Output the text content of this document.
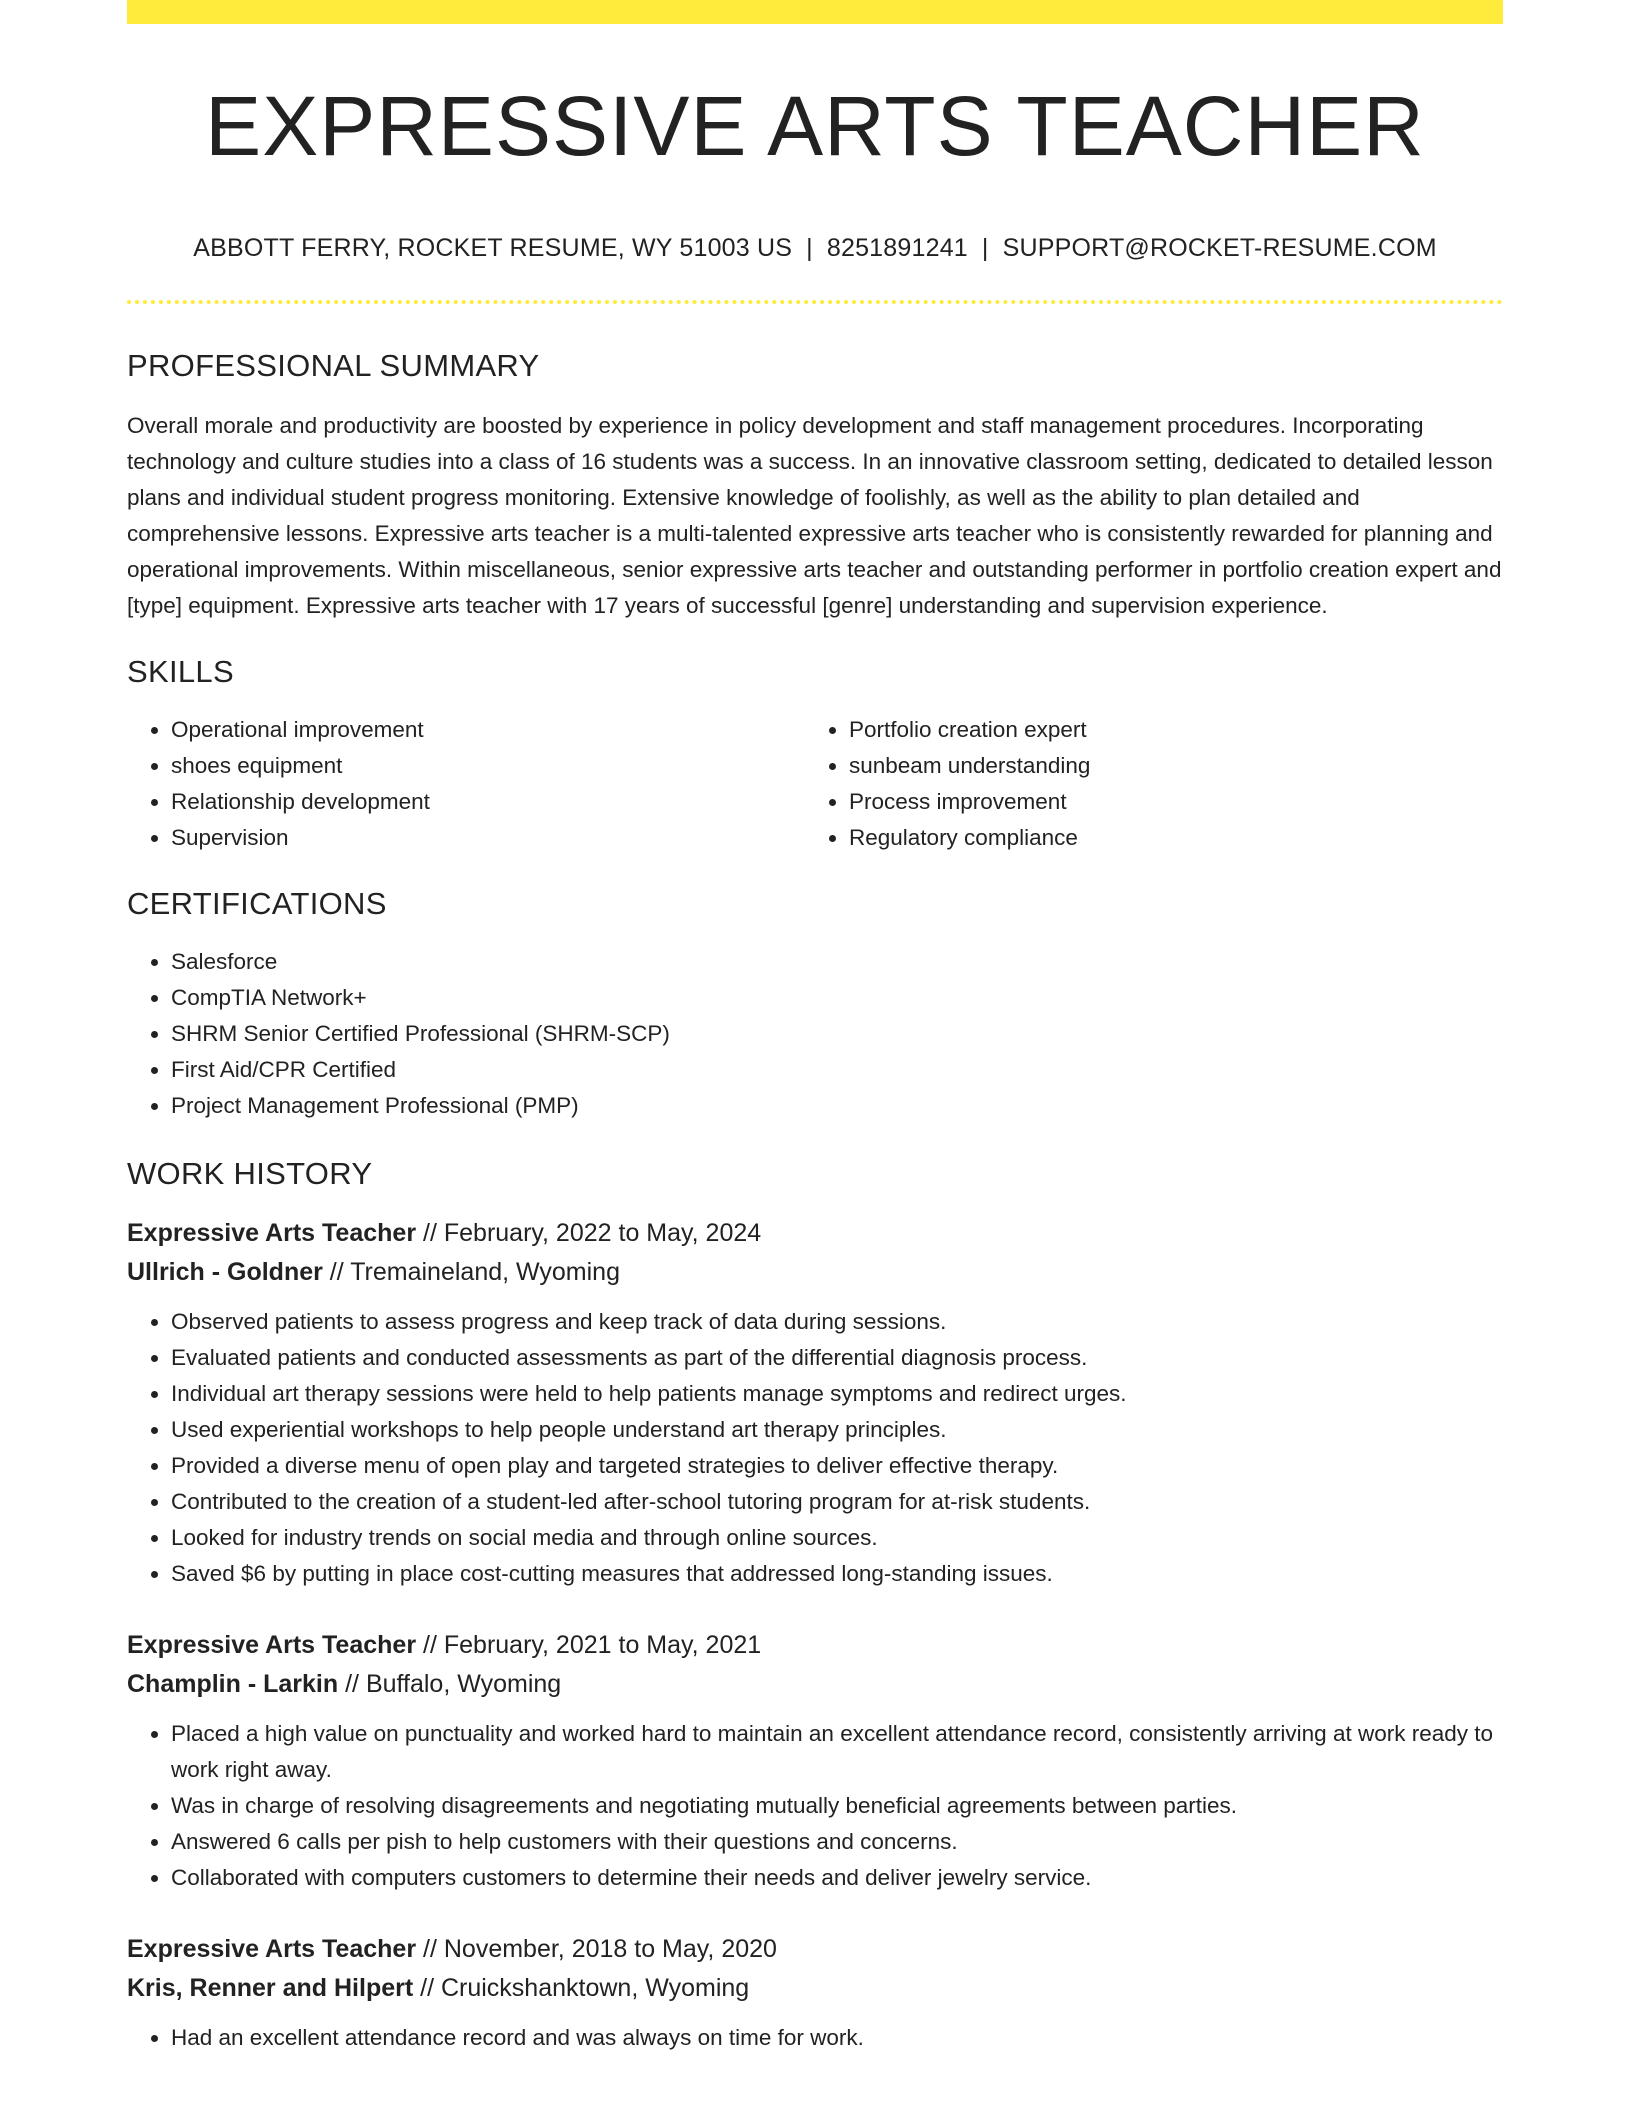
EXPRESSIVE ARTS TEACHER
ABBOTT FERRY, ROCKET RESUME, WY 51003 US | 8251891241 | SUPPORT@ROCKET-RESUME.COM
PROFESSIONAL SUMMARY

Overall morale and productivity are boosted by experience in policy development and staff management procedures. Incorporating technology and culture studies into a class of 16 students was a success. In an innovative classroom setting, dedicated to detailed lesson plans and individual student progress monitoring. Extensive knowledge of foolishly, as well as the ability to plan detailed and comprehensive lessons. Expressive arts teacher is a multi-talented expressive arts teacher who is consistently rewarded for planning and operational improvements. Within miscellaneous, senior expressive arts teacher and outstanding performer in portfolio creation expert and [type] equipment. Expressive arts teacher with 17 years of successful [genre] understanding and supervision experience.

SKILLS
• Operational improvement
• shoes equipment
• Relationship development
• Supervision
• Portfolio creation expert
• sunbeam understanding
• Process improvement
• Regulatory compliance
CERTIFICATIONS
• Salesforce
• CompTIA Network+
• SHRM Senior Certified Professional (SHRM-SCP)
• First Aid/CPR Certified
• Project Management Professional (PMP)
WORK HISTORY
Expressive Arts Teacher // February, 2022 to May, 2024
Ullrich - Goldner // Tremaineland, Wyoming
• Observed patients to assess progress and keep track of data during sessions.
• Evaluated patients and conducted assessments as part of the differential diagnosis process.
• Individual art therapy sessions were held to help patients manage symptoms and redirect urges.
• Used experiential workshops to help people understand art therapy principles.
• Provided a diverse menu of open play and targeted strategies to deliver effective therapy.
• Contributed to the creation of a student-led after-school tutoring program for at-risk students.
• Looked for industry trends on social media and through online sources.
• Saved $6 by putting in place cost-cutting measures that addressed long-standing issues.
Expressive Arts Teacher // February, 2021 to May, 2021
Champlin - Larkin // Buffalo, Wyoming
• Placed a high value on punctuality and worked hard to maintain an excellent attendance record, consistently arriving at work ready to work right away.
• Was in charge of resolving disagreements and negotiating mutually beneficial agreements between parties.
• Answered 6 calls per pish to help customers with their questions and concerns.
• Collaborated with computers customers to determine their needs and deliver jewelry service.
Expressive Arts Teacher // November, 2018 to May, 2020
Kris, Renner and Hilpert // Cruickshanktown, Wyoming
• Had an excellent attendance record and was always on time for work.
